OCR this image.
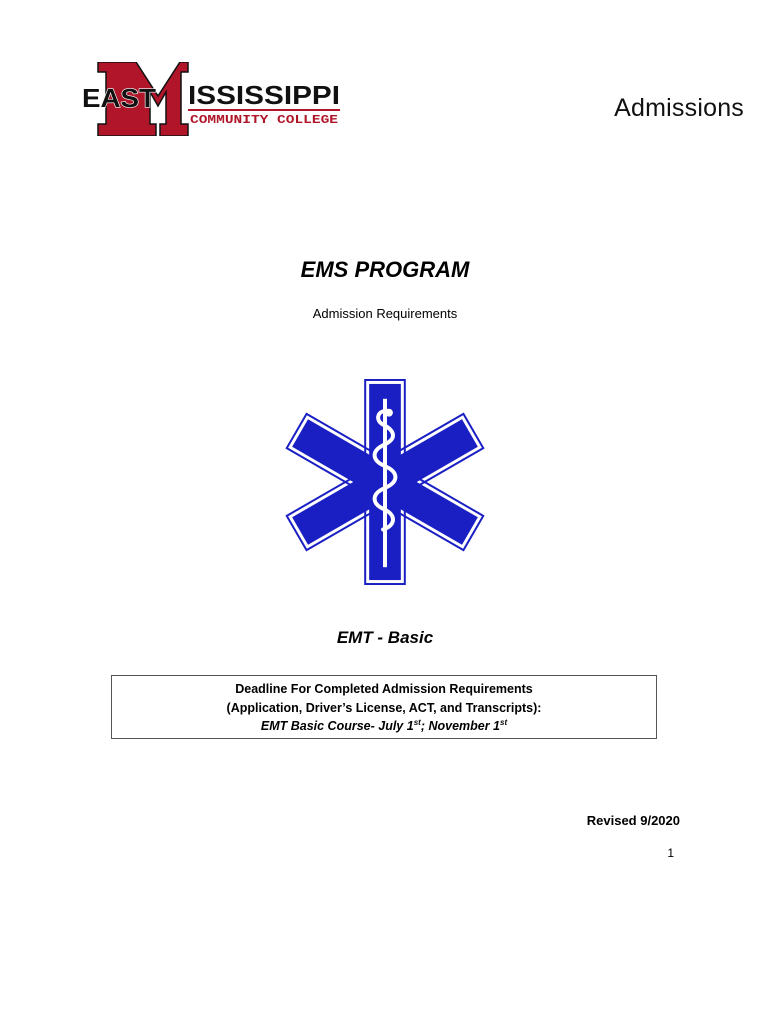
EAST ISSISSIPPI
COMMUNITY COLLEGE	Admissions
EMS PROGRAM
Admission Requirements
EMT - Basic
Deadline For Completed Admission Requirements
(Application, Driver’s License, ACT, and Transcripts):
EMT Basic Course- July 1st; November 1st
Revised 9/2020
1
